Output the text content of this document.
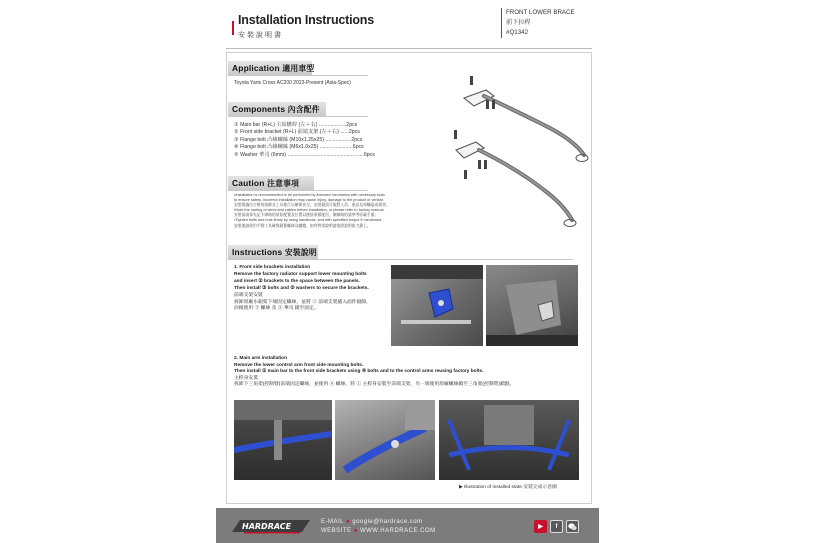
Installation Instructions
安裝說明書
FRONT LOWER BRACE
前下拉桿
#Q1342
Application 適用車型
Toyota Yaris Cross AC200 2023-Present (Asia-Spec)
Components 內含配件
① Main bar (R+L) 主結構桿 (左＋右) ...................2pcs
② Front side bracket (R+L) 前端支架 (左＋右) ......2pcs
③ Flange bolt 凸緣螺絲 (M10x1.25x25) ..................2pcs
④ Flange bolt 凸緣螺絲 (M6x1.0x25) .......................6pcs
⑤ Washer 華司 (6mm) .....................................................6pcs
Caution 注意事項

•Installation is recommended to be performed by licensed mechanics with necessary tools

to ensure safety. Incorrect installation may cause injury, damage to the product or vehicle.

安裝建議由合格的技師及工具進行以確保安全，安裝錯誤可能對人員、產品及車輛造成傷害。

•Note the routing of wires and cables before installation, or please refer to factory manual.

安裝前請事先記下線路的原始配置及位置以便依原樣配回，無線路的請參考原廠手冊。

•Tighten bolts and nuts firmly by using handtools, and with specified torque if mentioned.

安裝後請使用手動工具確實鎖緊螺絲及螺帽，如有特別說明請依照說明扭力鎖上。

Instructions 安裝說明
1. Front side brackets installation
Remove the factory radiator support lower mounting bolts
and insert ② brackets to the space between the panels.
Then install ③ bolts and ⑤ washers to secure the brackets.
前端支架安裝
拆卸原廠水箱架下端固定螺絲，並將 ② 前端支架插入面件縫隙，
而後使用 ③ 螺絲 及 ⑤ 華司 鎖至固定。
2. Main arm installation
Remove the lower control arm front side mounting bolts.
Then install ① main bar to the front side brackets using ④ bolts and to the control arms reusing factory bolts.
主桿身安裝
拆卸下三角架(控制臂)前端固定螺絲，並使用 ④ 螺絲，將 ① 主桿身安裝至前端支架，另一端使用原廠螺絲鎖至三角架(控制臂)鎖點。
▶ Illustration of installed state 安裝完成示意圖
HARDRACE	E-MAIL ● google@hardrace.com
WEBSITE ● WWW.HARDRACE.COM
▶	f
